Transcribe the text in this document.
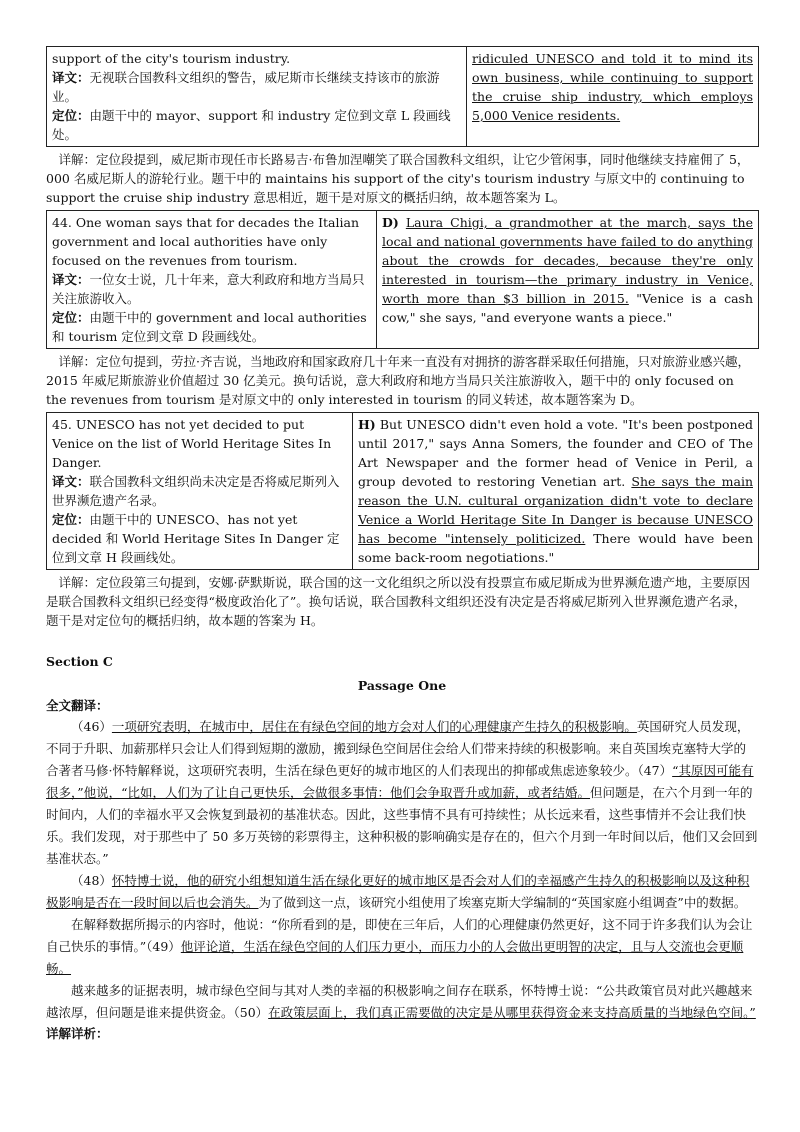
support of the city's tourism industry.
译文：无视联合国教科文组织的警告，威尼斯市长继续支持该市的旅游业。
定位：由题干中的 mayor、support 和 industry 定位到文章 L 段画线处。
	ridiculed UNESCO and told it to mind its own business, while continuing to support the cruise ship industry, which employs 5,000 Venice residents.

详解：定位段提到，威尼斯市现任市长路易吉·布鲁加涅嘲笑了联合国教科文组织，让它少管闲事，同时他继续支持雇佣了 5，000 名威尼斯人的游轮行业。题干中的 maintains his support of the city's tourism industry 与原文中的 continuing to support the cruise ship industry 意思相近，题干是对原文的概括归纳，故本题答案为 L。

44. One woman says that for decades the Italian government and local authorities have only focused on the revenues from tourism.
译文：一位女士说，几十年来，意大利政府和地方当局只关注旅游收入。
定位：由题干中的 government and local authorities 和 tourism 定位到文章 D 段画线处。
	D) Laura Chigi, a grandmother at the march, says the local and national governments have failed to do anything about the crowds for decades, because they're only interested in tourism—the primary industry in Venice, worth more than $3 billion in 2015. "Venice is a cash cow," she says, "and everyone wants a piece."

详解：定位句提到，劳拉·齐吉说，当地政府和国家政府几十年来一直没有对拥挤的游客群采取任何措施，只对旅游业感兴趣，2015 年威尼斯旅游业价值超过 30 亿美元。换句话说，意大利政府和地方当局只关注旅游收入，题干中的 only focused on the revenues from tourism 是对原文中的 only interested in tourism 的同义转述，故本题答案为 D。

45. UNESCO has not yet decided to put Venice on the list of World Heritage Sites In Danger.
译文：联合国教科文组织尚未决定是否将威尼斯列入世界濒危遗产名录。
定位：由题干中的 UNESCO、has not yet decided 和 World Heritage Sites In Danger 定位到文章 H 段画线处。
	H) But UNESCO didn't even hold a vote. "It's been postponed until 2017," says Anna Somers, the founder and CEO of The Art Newspaper and the former head of Venice in Peril, a group devoted to restoring Venetian art. She says the main reason the U.N. cultural organization didn't vote to declare Venice a World Heritage Site In Danger is because UNESCO has become "intensely politicized. There would have been some back-room negotiations."

详解：定位段第三句提到，安娜·萨默斯说，联合国的这一文化组织之所以没有投票宣布威尼斯成为世界濒危遗产地，主要原因是联合国教科文组织已经变得“极度政治化了”。换句话说，联合国教科文组织还没有决定是否将威尼斯列入世界濒危遗产名录，题干是对定位句的概括归纳，故本题的答案为 H。

Section C
Passage One
全文翻译：

（46）一项研究表明，在城市中，居住在有绿色空间的地方会对人们的心理健康产生持久的积极影响。英国研究人员发现，不同于升职、加薪那样只会让人们得到短期的激励，搬到绿色空间居住会给人们带来持续的积极影响。来自英国埃克塞特大学的合著者马修·怀特解释说，这项研究表明，生活在绿色更好的城市地区的人们表现出的抑郁或焦虑迹象较少。（47）“其原因可能有很多，”他说，“比如，人们为了让自己更快乐，会做很多事情：他们会争取晋升或加薪，或者结婚。但问题是，在六个月到一年的时间内，人们的幸福水平又会恢复到最初的基准状态。因此，这些事情不具有可持续性；从长远来看，这些事情并不会让我们快乐。我们发现，对于那些中了 50 多万英镑的彩票得主，这种积极的影响确实是存在的，但六个月到一年时间以后，他们又会回到基准状态。”

（48）怀特博士说，他的研究小组想知道生活在绿化更好的城市地区是否会对人们的幸福感产生持久的积极影响以及这种积极影响是否在一段时间以后也会消失。为了做到这一点，该研究小组使用了埃塞克斯大学编制的“英国家庭小组调查”中的数据。

在解释数据所揭示的内容时，他说：“你所看到的是，即使在三年后，人们的心理健康仍然更好，这不同于许多我们认为会让自己快乐的事情。”（49）他评论道，生活在绿色空间的人们压力更小，而压力小的人会做出更明智的决定，且与人交流也会更顺畅。

越来越多的证据表明，城市绿色空间与其对人类的幸福的积极影响之间存在联系，怀特博士说：“公共政策官员对此兴趣越来越浓厚，但问题是谁来提供资金。（50）在政策层面上，我们真正需要做的决定是从哪里获得资金来支持高质量的当地绿色空间。”

详解详析：
